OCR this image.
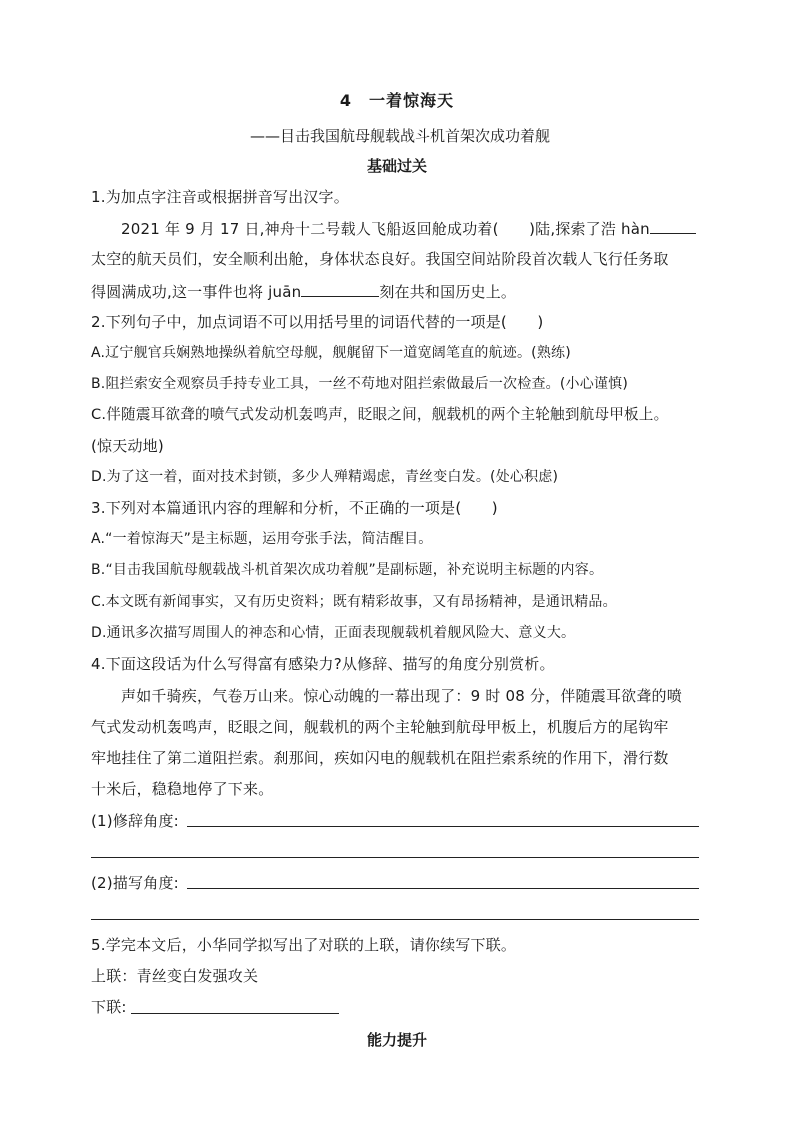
4　一着惊海天
——目击我国航母舰载战斗机首架次成功着舰
基础过关
1.为加点字注音或根据拼音写出汉字。
2021 年 9 月 17 日,神舟十二号载人飞船返回舱成功着(　　)陆,探索了浩 hàn
太空的航天员们，安全顺利出舱，身体状态良好。我国空间站阶段首次载人飞行任务取
得圆满成功,这一事件也将 juān	刻在共和国历史上。
2.下列句子中，加点词语不可以用括号里的词语代替的一项是(　　)
A.辽宁舰官兵娴熟地操纵着航空母舰，舰艉留下一道宽阔笔直的航迹。(熟练)
B.阻拦索安全观察员手持专业工具，一丝不苟地对阻拦索做最后一次检查。(小心谨慎)
C.伴随震耳欲聋的喷气式发动机轰鸣声，眨眼之间，舰载机的两个主轮触到航母甲板上。
(惊天动地)
D.为了这一着，面对技术封锁，多少人殚精竭虑，青丝变白发。(处心积虑)
3.下列对本篇通讯内容的理解和分析，不正确的一项是(　　)
A.“一着惊海天”是主标题，运用夸张手法，简洁醒目。
B.“目击我国航母舰载战斗机首架次成功着舰”是副标题，补充说明主标题的内容。
C.本文既有新闻事实，又有历史资料；既有精彩故事，又有昂扬精神，是通讯精品。
D.通讯多次描写周围人的神态和心情，正面表现舰载机着舰风险大、意义大。
4.下面这段话为什么写得富有感染力?从修辞、描写的角度分别赏析。
声如千骑疾，气卷万山来。惊心动魄的一幕出现了：9 时 08 分，伴随震耳欲聋的喷
气式发动机轰鸣声，眨眼之间，舰载机的两个主轮触到航母甲板上，机腹后方的尾钩牢
牢地挂住了第二道阻拦索。刹那间，疾如闪电的舰载机在阻拦索系统的作用下，滑行数
十米后，稳稳地停了下来。
(1)修辞角度:
(2)描写角度:
5.学完本文后，小华同学拟写出了对联的上联，请你续写下联。
上联：青丝变白发强攻关
下联:
能力提升
